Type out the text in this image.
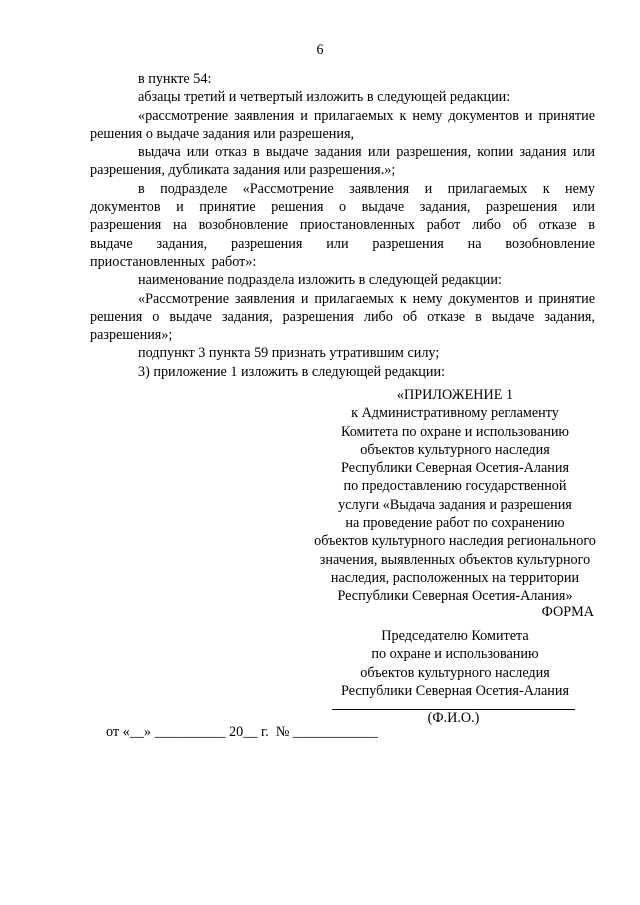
6

в пункте 54:

абзацы третий и четвертый изложить в следующей редакции:

«рассмотрение заявления и прилагаемых к нему документов и принятие решения о выдаче задания или разрешения,

выдача или отказ в выдаче задания или разрешения, копии задания или разрешения, дубликата задания или разрешения.»;

в подразделе «Рассмотрение заявления и прилагаемых к нему документов и принятие решения о выдаче задания, разрешения или разрешения на возобновление приостановленных работ либо об отказе в выдаче задания, разрешения или разрешения на возобновление приостановленных работ»:

наименование подраздела изложить в следующей редакции:

«Рассмотрение заявления и прилагаемых к нему документов и принятие решения о выдаче задания, разрешения либо об отказе в выдаче задания, разрешения»;

подпункт 3 пункта 59 признать утратившим силу;

3) приложение 1 изложить в следующей редакции:

«ПРИЛОЖЕНИЕ 1
к Административному регламенту
Комитета по охране и использованию
объектов культурного наследия
Республики Северная Осетия-Алания
по предоставлению государственной
услуги «Выдача задания и разрешения
на проведение работ по сохранению
объектов культурного наследия регионального
значения, выявленных объектов культурного
наследия, расположенных на территории
Республики Северная Осетия-Алания»
ФОРМА
Председателю Комитета
по охране и использованию
объектов культурного наследия
Республики Северная Осетия-Алания
(Ф.И.О.)
от «__» __________ 20__ г.  № ____________
